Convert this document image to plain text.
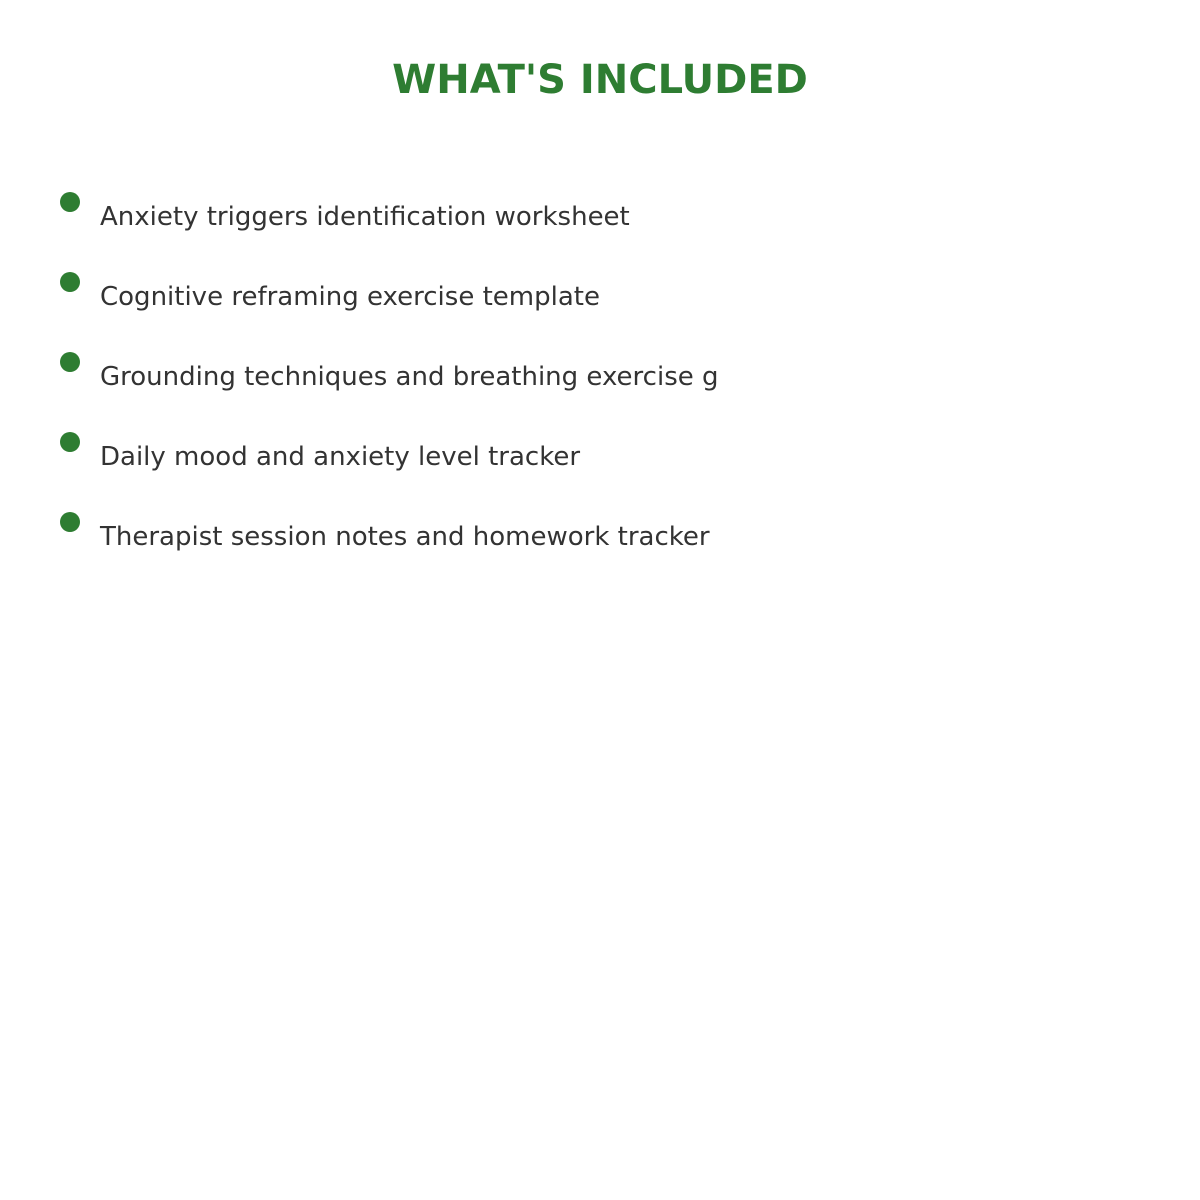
WHAT'S INCLUDED
Anxiety triggers identification worksheet
Cognitive reframing exercise template
Grounding techniques and breathing exercise g
Daily mood and anxiety level tracker
Therapist session notes and homework tracker
